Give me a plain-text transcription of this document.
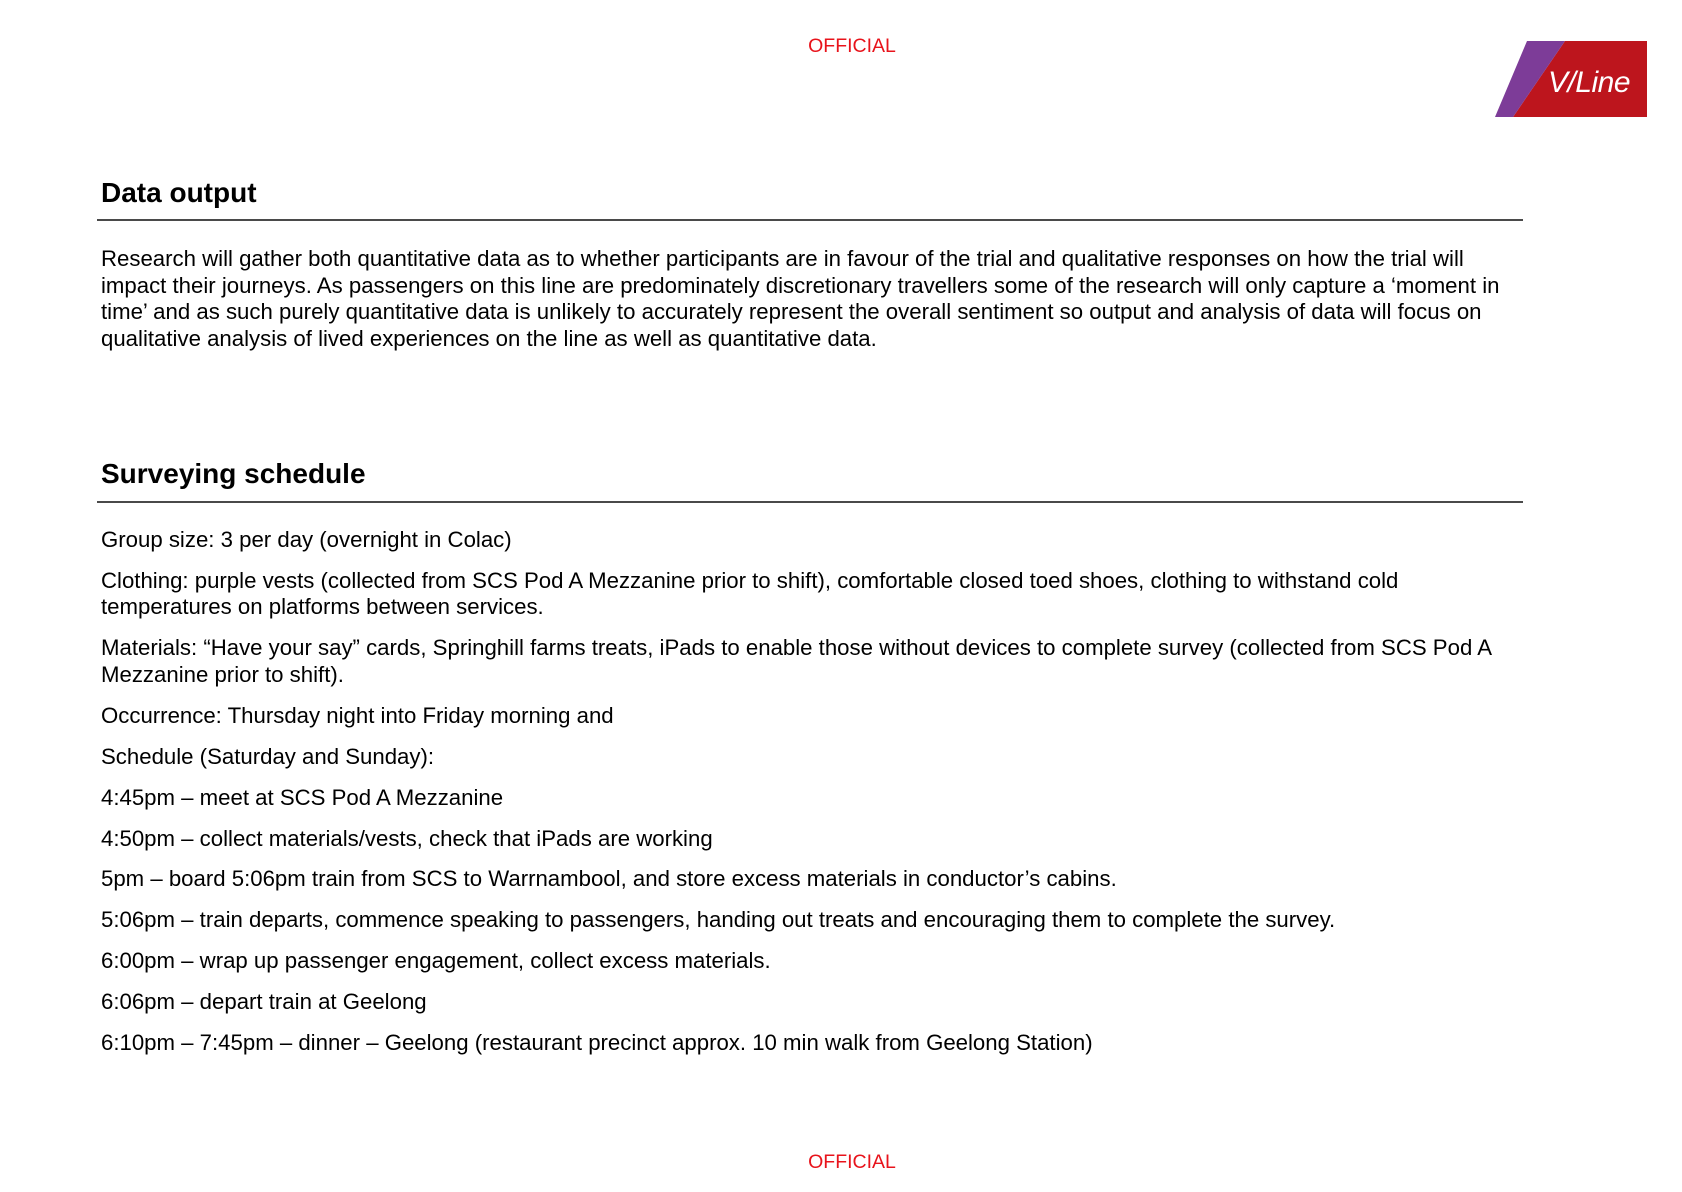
OFFICIAL
V/Line
Data output
Research will gather both quantitative data as to whether participants are in favour of the trial and qualitative responses on how the trial will
impact their journeys. As passengers on this line are predominately discretionary travellers some of the research will only capture a ‘moment in
time’ and as such purely quantitative data is unlikely to accurately represent the overall sentiment so output and analysis of data will focus on
qualitative analysis of lived experiences on the line as well as quantitative data.
Surveying schedule
Group size: 3 per day (overnight in Colac)
Clothing: purple vests (collected from SCS Pod A Mezzanine prior to shift), comfortable closed toed shoes, clothing to withstand cold
temperatures on platforms between services.
Materials: “Have your say” cards, Springhill farms treats, iPads to enable those without devices to complete survey (collected from SCS Pod A
Mezzanine prior to shift).
Occurrence: Thursday night into Friday morning and
Schedule (Saturday and Sunday):
4:45pm – meet at SCS Pod A Mezzanine
4:50pm – collect materials/vests, check that iPads are working
5pm – board 5:06pm train from SCS to Warrnambool, and store excess materials in conductor’s cabins.
5:06pm – train departs, commence speaking to passengers, handing out treats and encouraging them to complete the survey.
6:00pm – wrap up passenger engagement, collect excess materials.
6:06pm – depart train at Geelong
6:10pm – 7:45pm – dinner – Geelong (restaurant precinct approx. 10 min walk from Geelong Station)
OFFICIAL
